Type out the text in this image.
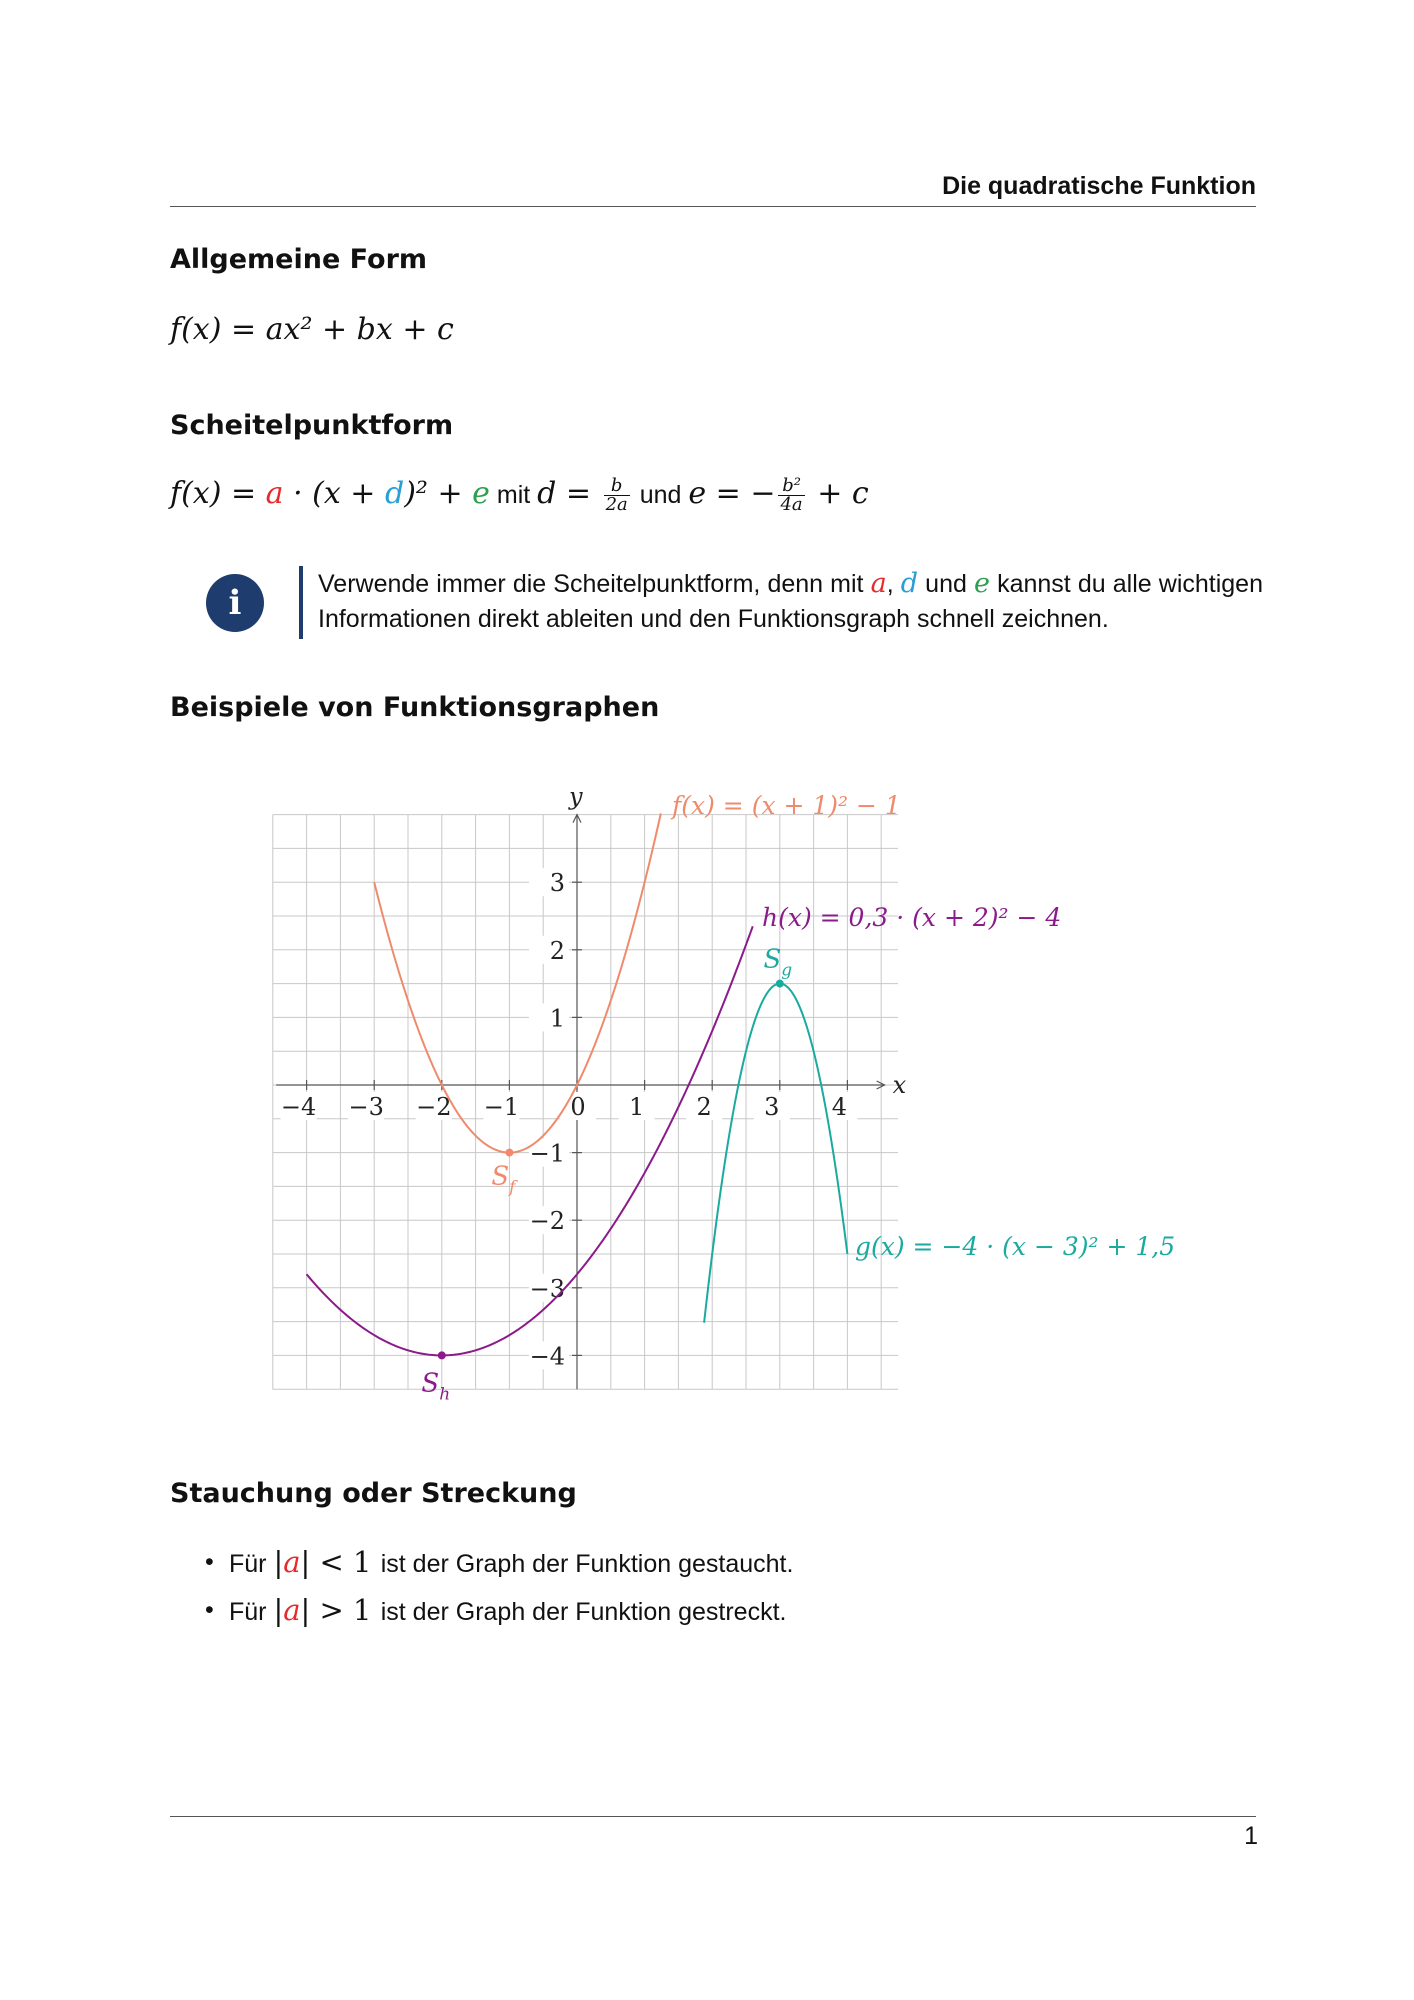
Die quadratische Funktion
Allgemeine Form
f(x) = ax² + bx + c
Scheitelpunktform
f(x) = a · (x + d)² + e mit $d = \frac{b}{2a}$ und e = − $\frac{\text{b²}}{4a} + c$
i	Verwende immer die Scheitelpunktform, denn mit a, d und e kannst du alle wichtigen Informationen direkt ableiten und den Funktionsgraph schnell zeichnen.
Beispiele von Funktionsgraphen
x
y
−4 −3 −2 −1 0 1 2 3 4
−4
−3
−2
−1
1
2
3
$S_f$
f(x) = (x + 1)² − 1
$S_h$
h(x) = 0,3 · (x + 2)² − 4
$S_g$
g(x) = −4 · (x − 3)² + 1,5
Stauchung oder Streckung
• Für |a| < 1 ist der Graph der Funktion gestaucht.
• Für |a| > 1 ist der Graph der Funktion gestreckt.
1
